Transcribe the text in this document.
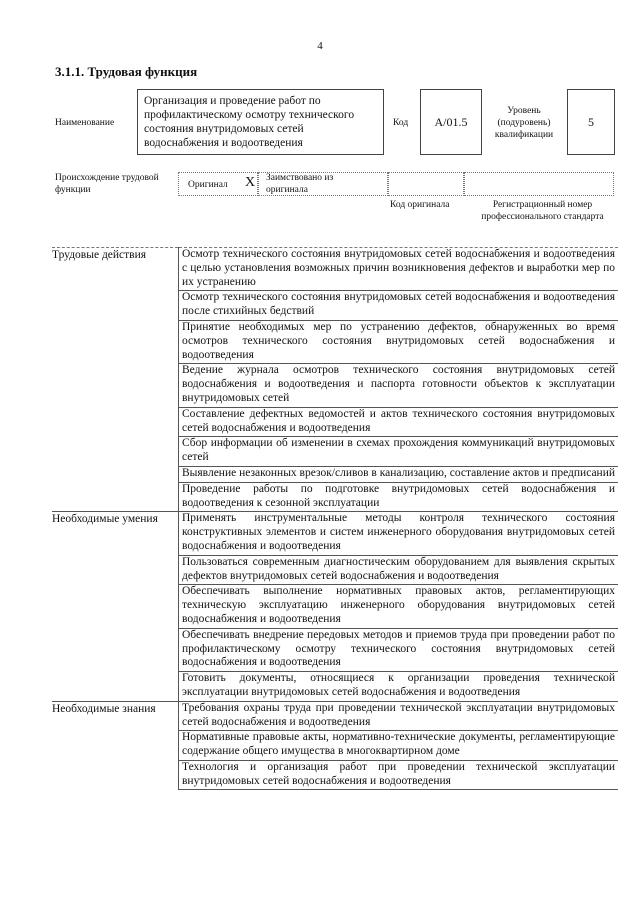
4
3.1.1. Трудовая функция
Наименование
Организация и проведение работ по профилактическому осмотру технического состояния внутридомовых сетей водоснабжения и водоотведения
Код	A/01.5
Уровень (подуровень) квалификации
5
Происхождение трудовой функции	Оригинал X Заимствовано из оригинала
Код оригинала	Регистрационный номер профессионального стандарта
Трудовые действия	Осмотр технического состояния внутридомовых сетей водоснабжения и водоотведения с целью установления возможных причин возникновения дефектов и выработки мер по их устранению
	Осмотр технического состояния внутридомовых сетей водоснабжения и водоотведения после стихийных бедствий
	Принятие необходимых мер по устранению дефектов, обнаруженных во время осмотров технического состояния внутридомовых сетей водоснабжения и водоотведения
	Ведение журнала осмотров технического состояния внутридомовых сетей водоснабжения и водоотведения и паспорта готовности объектов к эксплуатации внутридомовых сетей
	Составление дефектных ведомостей и актов технического состояния внутридомовых сетей водоснабжения и водоотведения
	Сбор информации об изменении в схемах прохождения коммуникаций внутридомовых сетей
	Выявление незаконных врезок/сливов в канализацию, составление актов и предписаний
	Проведение работы по подготовке внутридомовых сетей водоснабжения и водоотведения к сезонной эксплуатации

Необходимые умения	Применять инструментальные методы контроля технического состояния конструктивных элементов и систем инженерного оборудования внутридомовых сетей водоснабжения и водоотведения
	Пользоваться современным диагностическим оборудованием для выявления скрытых дефектов внутридомовых сетей водоснабжения и водоотведения
	Обеспечивать выполнение нормативных правовых актов, регламентирующих техническую эксплуатацию инженерного оборудования внутридомовых сетей водоснабжения и водоотведения
	Обеспечивать внедрение передовых методов и приемов труда при проведении работ по профилактическому осмотру технического состояния внутридомовых сетей водоснабжения и водоотведения
	Готовить документы, относящиеся к организации проведения технической эксплуатации внутридомовых сетей водоснабжения и водоотведения

Необходимые знания	Требования охраны труда при проведении технической эксплуатации внутридомовых сетей водоснабжения и водоотведения
	Нормативные правовые акты, нормативно-технические документы, регламентирующие содержание общего имущества в многоквартирном доме
	Технология и организация работ при проведении технической эксплуатации внутридомовых сетей водоснабжения и водоотведения
